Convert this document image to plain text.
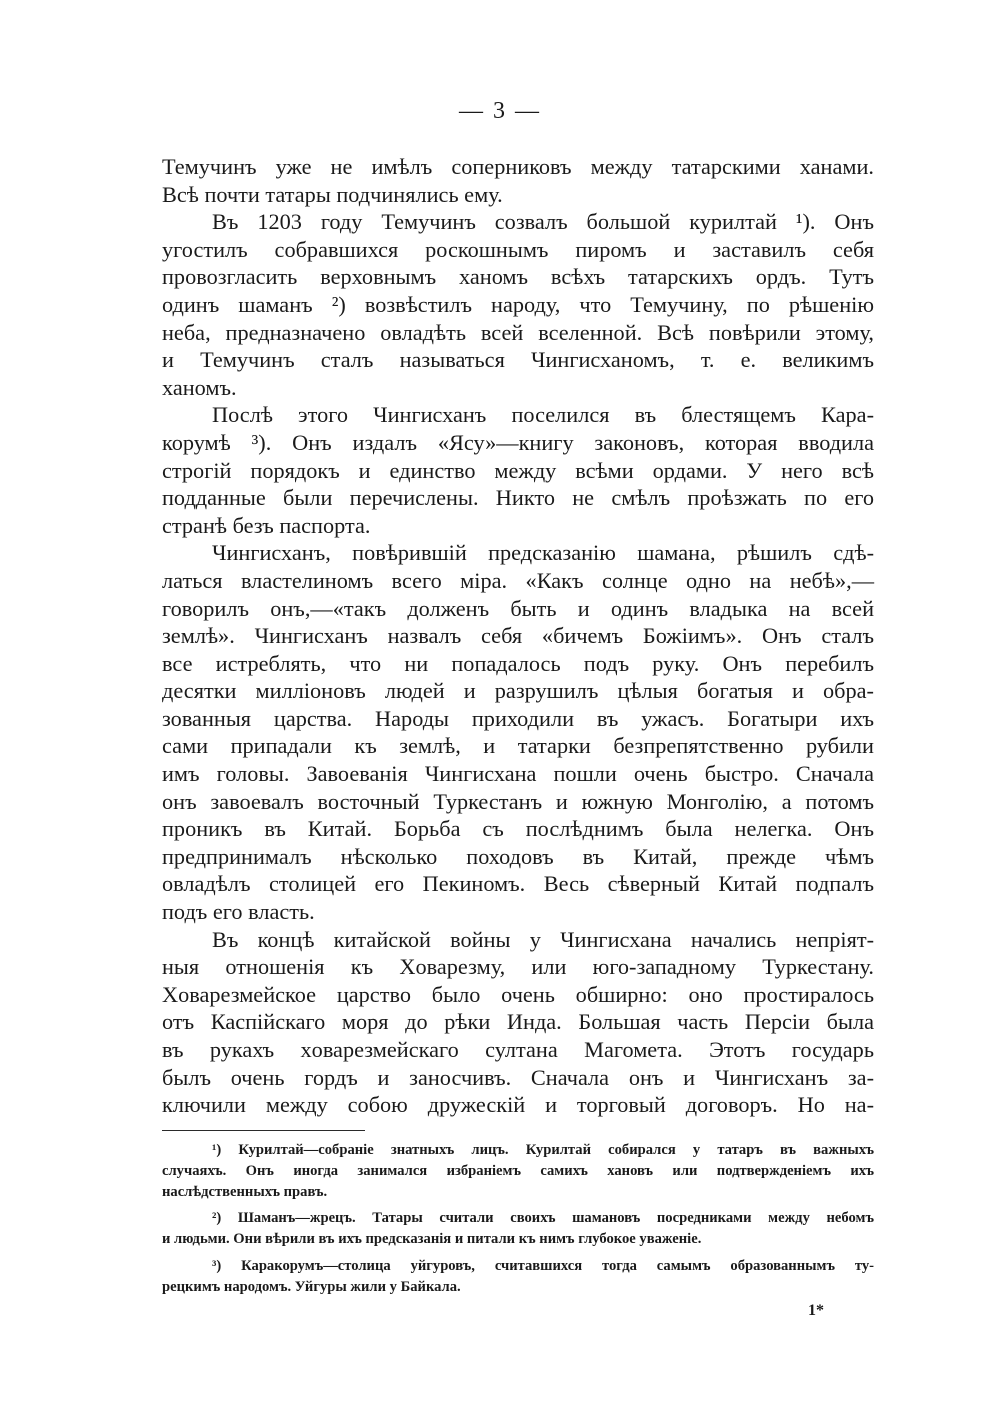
— 3 —
Темучинъ уже не имѣлъ соперниковъ между татарскими ханами.
Всѣ почти татары подчинялись ему.
Въ 1203 году Темучинъ созвалъ большой курилтай ¹). Онъ
угостилъ собравшихся роскошнымъ пиромъ и заставилъ себя
провозгласить верховнымъ ханомъ всѣхъ татарскихъ ордъ. Тутъ
одинъ шаманъ ²) возвѣстилъ народу, что Темучину, по рѣшенію
неба, предназначено овладѣть всей вселенной. Всѣ повѣрили этому,
и Темучинъ сталъ называться Чингисханомъ, т. е. великимъ
ханомъ.
Послѣ этого Чингисханъ поселился въ блестящемъ Кара-
корумѣ ³). Онъ издалъ «Ясу»—книгу законовъ, которая вводила
строгій порядокъ и единство между всѣми ордами. У него всѣ
подданные были перечислены. Никто не смѣлъ проѣзжать по его
странѣ безъ паспорта.
Чингисханъ, повѣрившій предсказанію шамана, рѣшилъ сдѣ-
латься властелиномъ всего міра. «Какъ солнце одно на небѣ»,—
говорилъ онъ,—«такъ долженъ быть и одинъ владыка на всей
землѣ». Чингисханъ назвалъ себя «бичемъ Божіимъ». Онъ сталъ
все истреблять, что ни попадалось подъ руку. Онъ перебилъ
десятки милліоновъ людей и разрушилъ цѣлыя богатыя и обра-
зованныя царства. Народы приходили въ ужасъ. Богатыри ихъ
сами припадали къ землѣ, и татарки безпрепятственно рубили
имъ головы. Завоеванія Чингисхана пошли очень быстро. Сначала
онъ завоевалъ восточный Туркестанъ и южную Монголію, а потомъ
проникъ въ Китай. Борьба съ послѣднимъ была нелегка. Онъ
предпринималъ нѣсколько походовъ въ Китай, прежде чѣмъ
овладѣлъ столицей его Пекиномъ. Весь сѣверный Китай подпалъ
подъ его власть.
Въ концѣ китайской войны у Чингисхана начались непріят-
ныя отношенія къ Хoварезму, или юго-западному Туркестану.
Хoварезмейское царство было очень обширно: оно простиралось
отъ Каспійскаго моря до рѣки Инда. Большая часть Персіи была
въ рукахъ хoварезмейскаго султана Магомета. Этотъ государь
былъ очень гордъ и заносчивъ. Сначала онъ и Чингисханъ за-
ключили между собою дружескій и торговый договоръ. Но на-
¹) Курилтай—собраніе знатныхъ лицъ. Курилтай собирался у татаръ въ важныхъ
случаяхъ. Онъ иногда занимался избраніемъ самихъ хановъ или подтвержденіемъ ихъ
наслѣдственныхъ правъ.
²) Шаманъ—жрецъ. Татары считали своихъ шамановъ посредниками между небомъ
и людьми. Они вѣрили въ ихъ предсказанія и питали къ нимъ глубокое уваженіе.
³) Каракорумъ—столица уйгуровъ, считавшихся тогда самымъ образованнымъ ту-
рецкимъ народомъ. Уйгуры жили у Байкала.
1*
